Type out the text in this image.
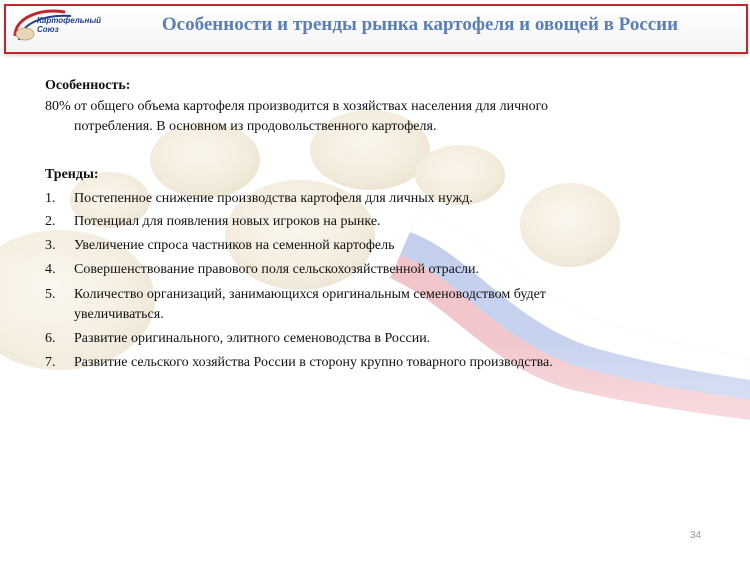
Картофельный
Союз	Особенности и тренды рынка картофеля и овощей в России
Особенность:
80% от общего объема картофеля производится в хозяйствах населения для личного
потребления. В основном из продовольственного картофеля.
Тренды:
1. Постепенное снижение производства картофеля для личных нужд.
2. Потенциал для появления новых игроков на рынке.
3. Увеличение спроса частников на семенной картофель
4. Совершенствование правового поля сельскохозяйственной отрасли.
5. Количество организаций, занимающихся оригинальным семеноводством будет
увеличиваться.
6. Развитие оригинального, элитного семеноводства в России.
7. Развитие сельского хозяйства России в сторону крупно товарного производства.
34
